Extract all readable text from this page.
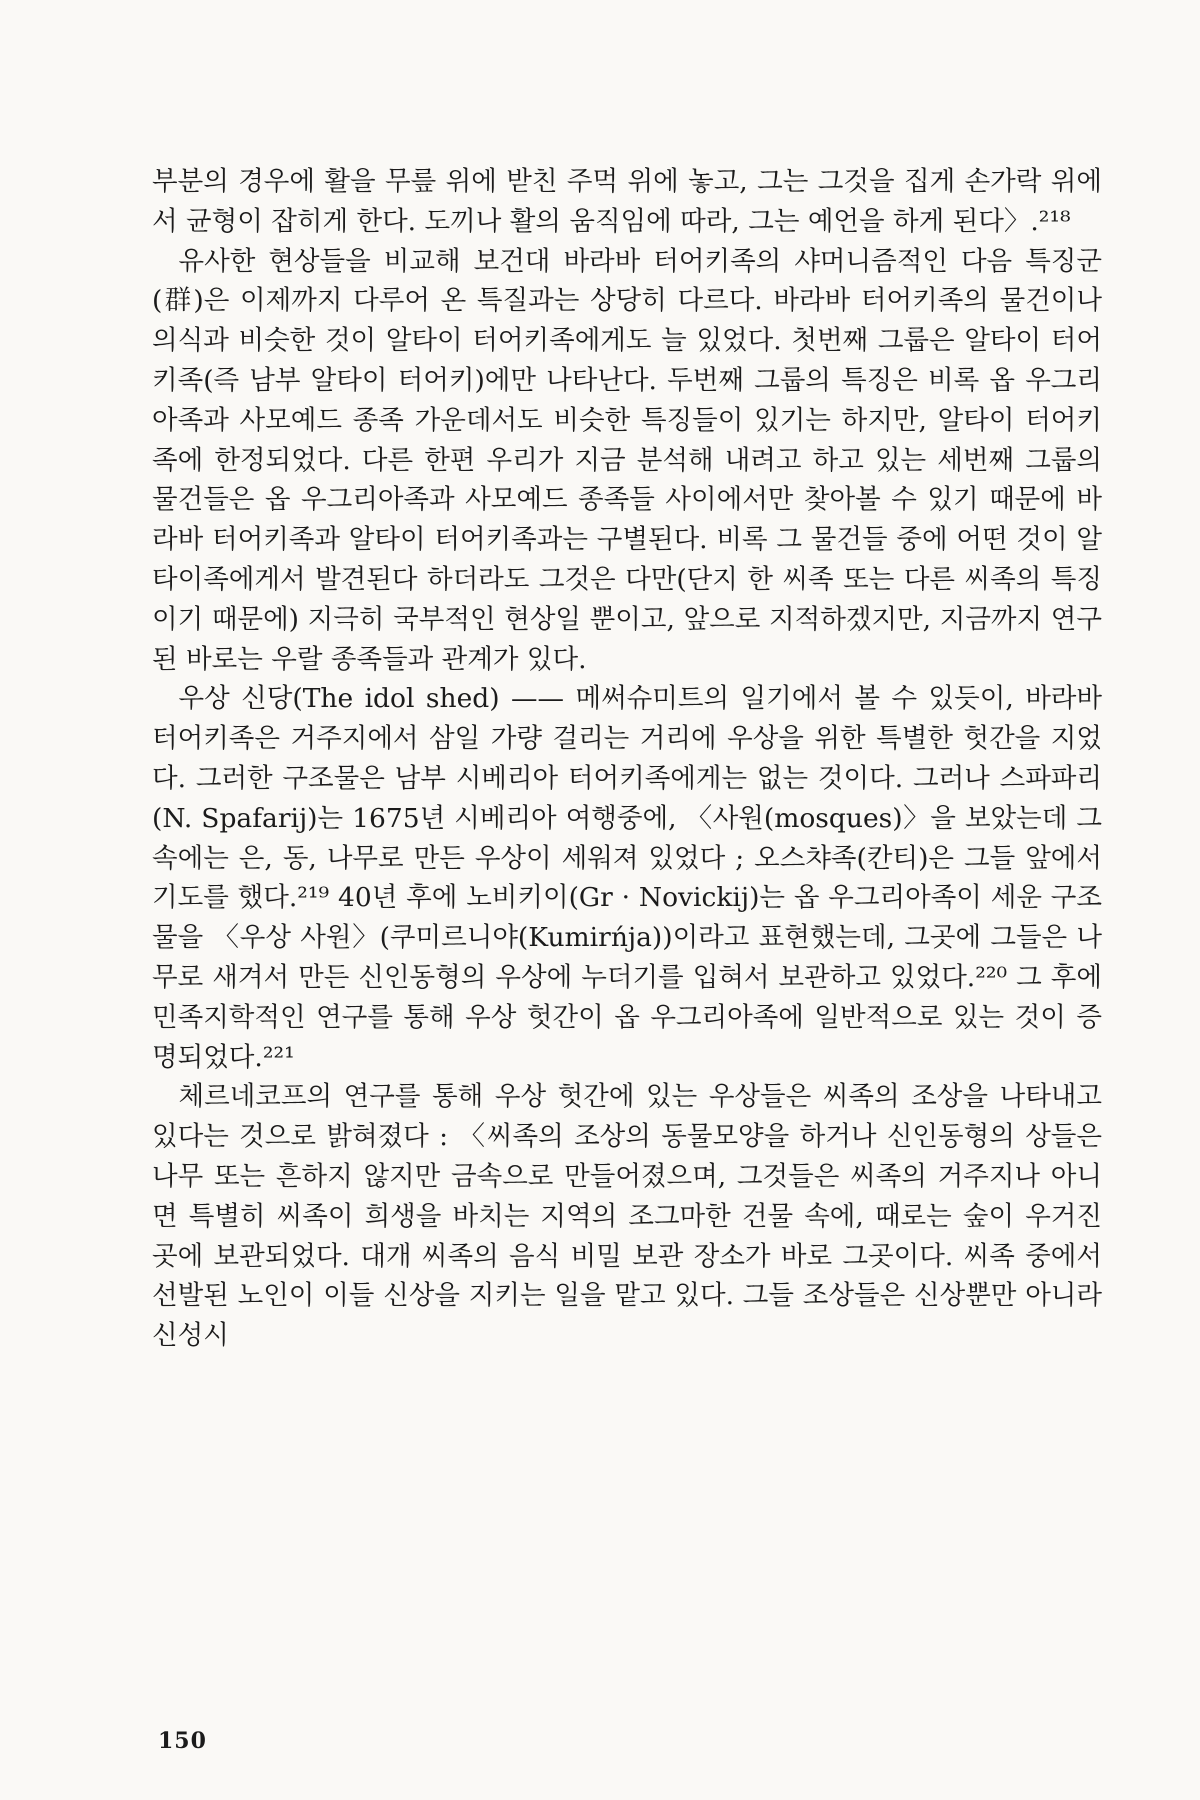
부분의 경우에 활을 무릎 위에 받친 주먹 위에 놓고, 그는 그것을 집게 손가락 위에서 균형이 잡히게 한다. 도끼나 활의 움직임에 따라, 그는 예언을 하게 된다〉.²¹⁸

유사한 현상들을 비교해 보건대 바라바 터어키족의 샤머니즘적인 다음 특징군(群)은 이제까지 다루어 온 특질과는 상당히 다르다. 바라바 터어키족의 물건이나 의식과 비슷한 것이 알타이 터어키족에게도 늘 있었다. 첫번째 그룹은 알타이 터어키족(즉 남부 알타이 터어키)에만 나타난다. 두번째 그룹의 특징은 비록 옵 우그리아족과 사모예드 종족 가운데서도 비슷한 특징들이 있기는 하지만, 알타이 터어키족에 한정되었다. 다른 한편 우리가 지금 분석해 내려고 하고 있는 세번째 그룹의 물건들은 옵 우그리아족과 사모예드 종족들 사이에서만 찾아볼 수 있기 때문에 바라바 터어키족과 알타이 터어키족과는 구별된다. 비록 그 물건들 중에 어떤 것이 알타이족에게서 발견된다 하더라도 그것은 다만(단지 한 씨족 또는 다른 씨족의 특징이기 때문에) 지극히 국부적인 현상일 뿐이고, 앞으로 지적하겠지만, 지금까지 연구된 바로는 우랄 종족들과 관계가 있다.

우상 신당(The idol shed) —— 메써슈미트의 일기에서 볼 수 있듯이, 바라바 터어키족은 거주지에서 삼일 가량 걸리는 거리에 우상을 위한 특별한 헛간을 지었다. 그러한 구조물은 남부 시베리아 터어키족에게는 없는 것이다. 그러나 스파파리(N. Spafarij)는 1675년 시베리아 여행중에, 〈사원(mosques)〉을 보았는데 그 속에는 은, 동, 나무로 만든 우상이 세워져 있었다 ; 오스챠족(칸티)은 그들 앞에서 기도를 했다.²¹⁹ 40년 후에 노비키이(Gr · Novickij)는 옵 우그리아족이 세운 구조물을 〈우상 사원〉(쿠미르니야(Kumirńja))이라고 표현했는데, 그곳에 그들은 나무로 새겨서 만든 신인동형의 우상에 누더기를 입혀서 보관하고 있었다.²²⁰ 그 후에 민족지학적인 연구를 통해 우상 헛간이 옵 우그리아족에 일반적으로 있는 것이 증명되었다.²²¹

체르네코프의 연구를 통해 우상 헛간에 있는 우상들은 씨족의 조상을 나타내고 있다는 것으로 밝혀졌다 : 〈씨족의 조상의 동물모양을 하거나 신인동형의 상들은 나무 또는 흔하지 않지만 금속으로 만들어졌으며, 그것들은 씨족의 거주지나 아니면 특별히 씨족이 희생을 바치는 지역의 조그마한 건물 속에, 때로는 숲이 우거진 곳에 보관되었다. 대개 씨족의 음식 비밀 보관 장소가 바로 그곳이다. 씨족 중에서 선발된 노인이 이들 신상을 지키는 일을 맡고 있다. 그들 조상들은 신상뿐만 아니라 신성시

150
